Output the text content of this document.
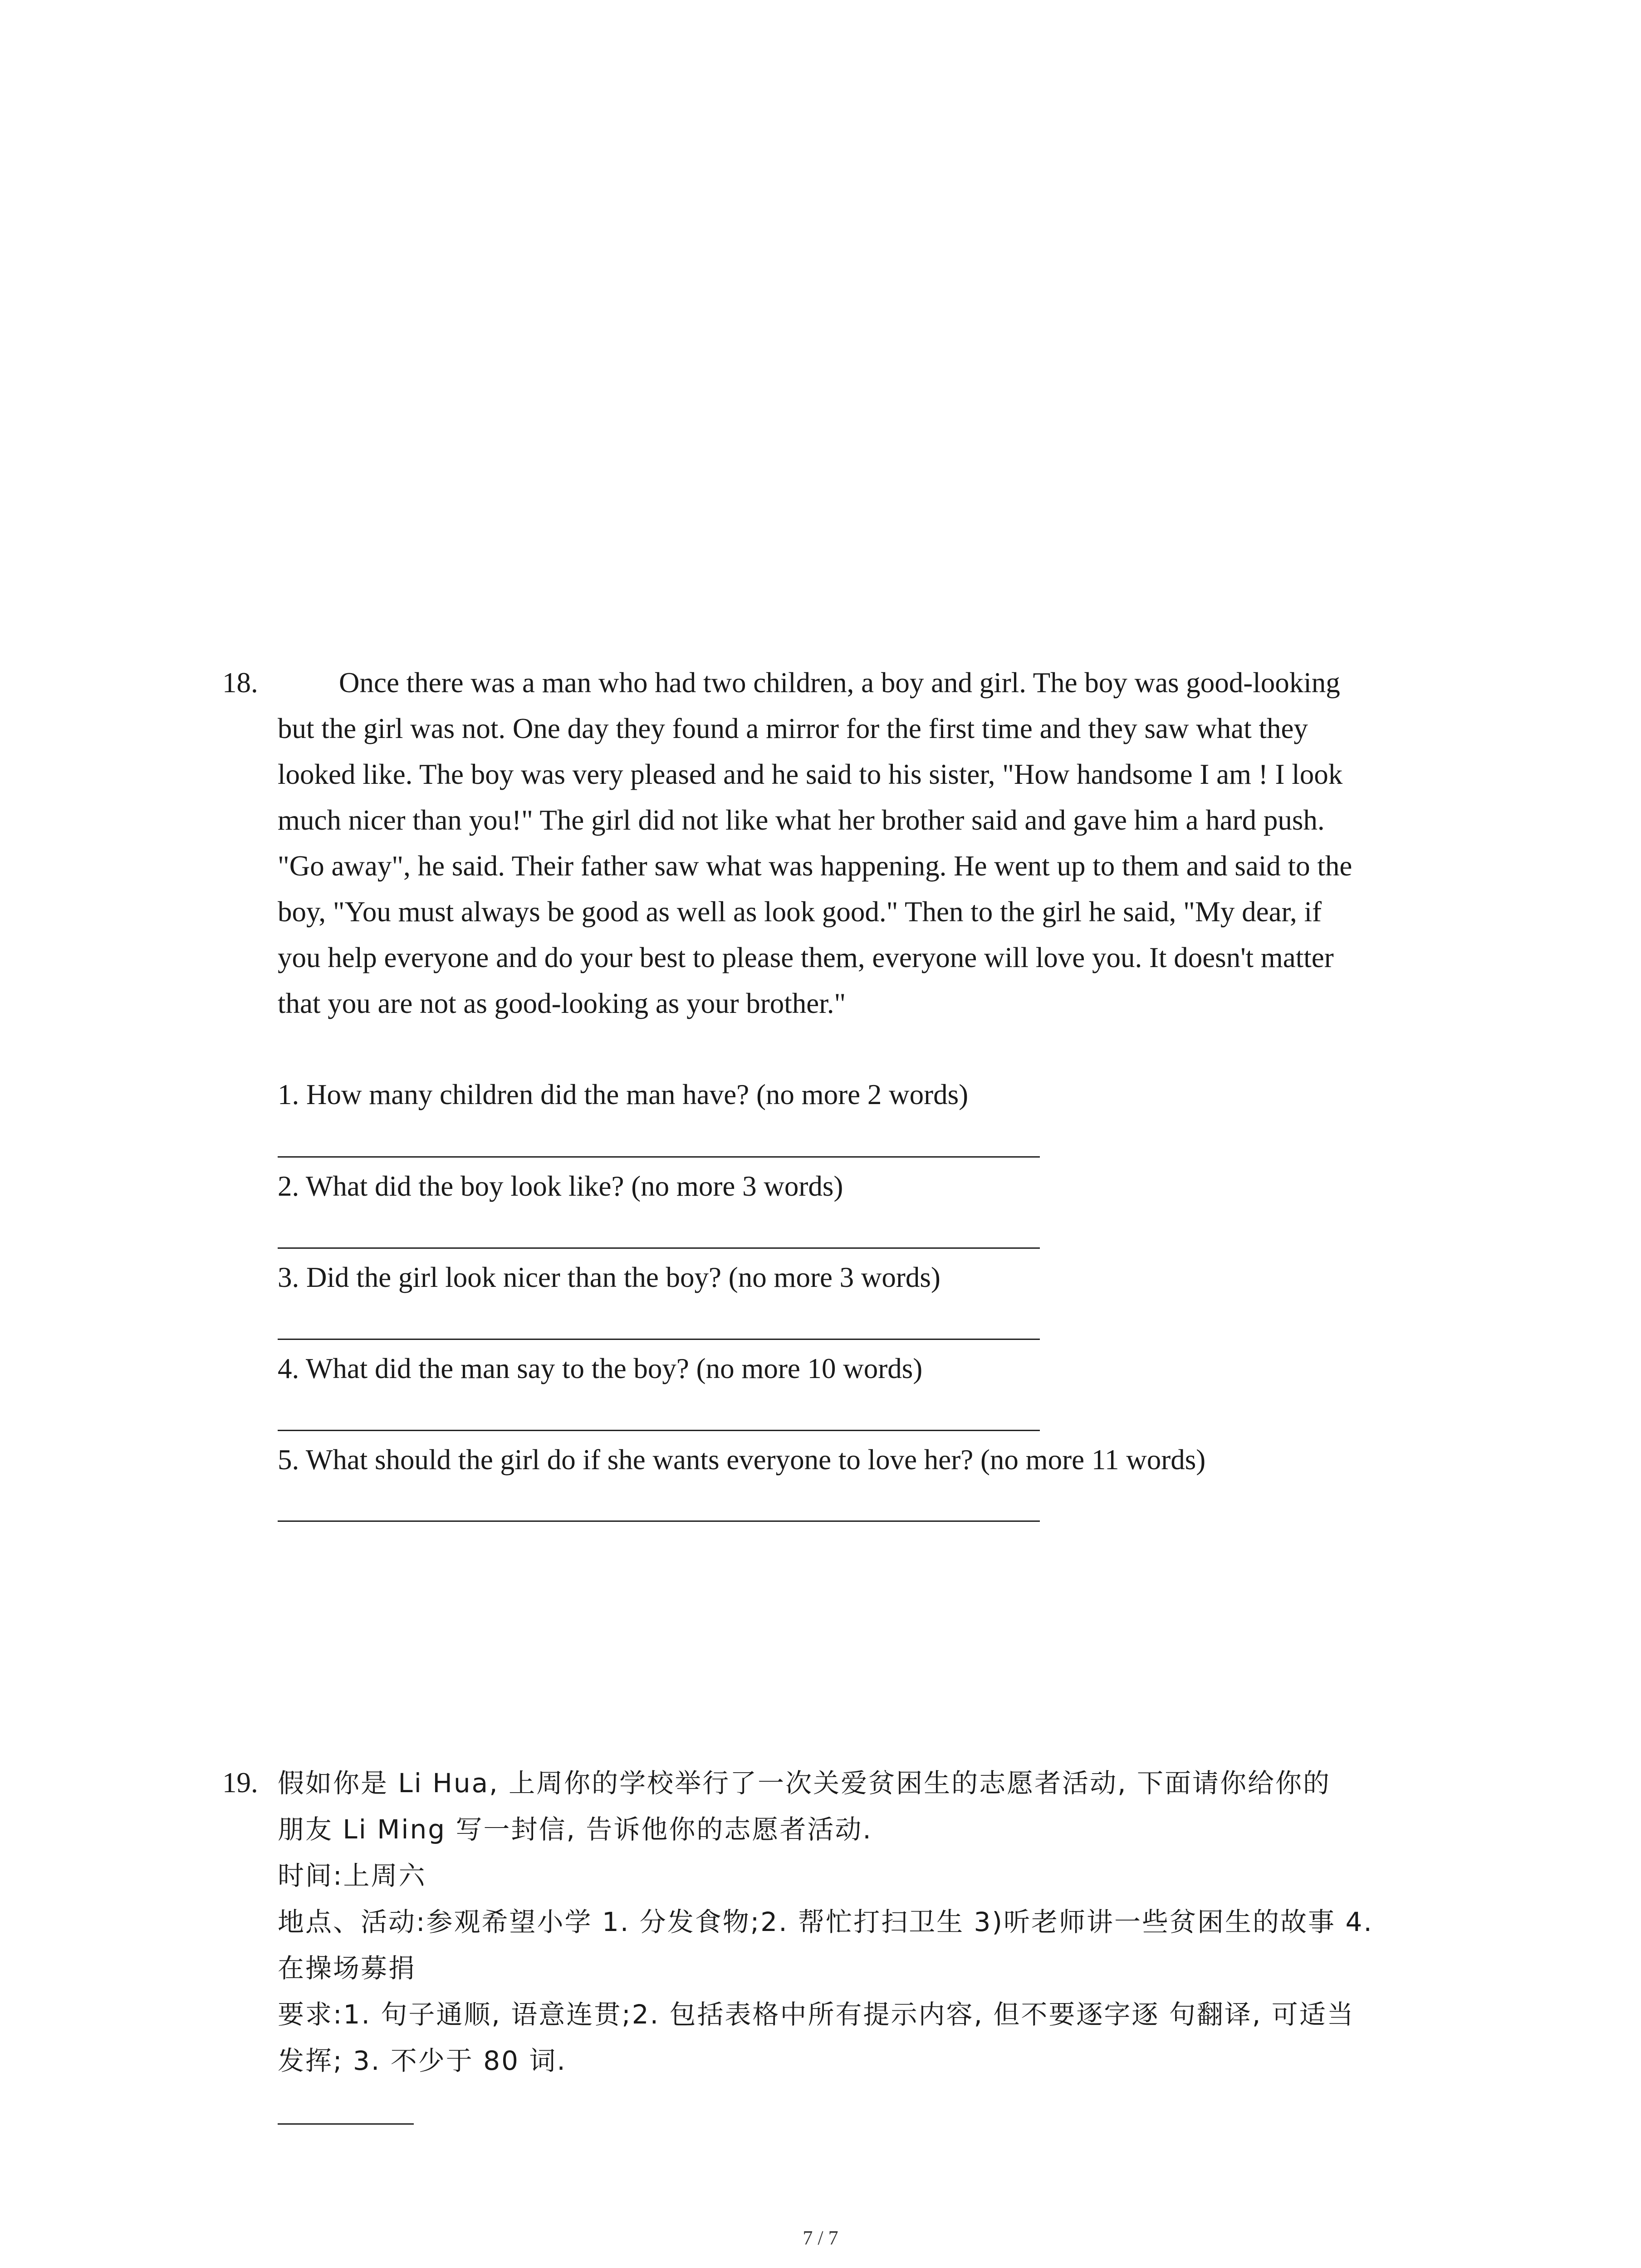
18.	Once there was a man who had two children, a boy and girl. The boy was good-looking
but the girl was not. One day they found a mirror for the first time and they saw what they
looked like. The boy was very pleased and he said to his sister, "How handsome I am ! I look
much nicer than you!" The girl did not like what her brother said and gave him a hard push.
"Go away", he said. Their father saw what was happening. He went up to them and said to the
boy, "You must always be good as well as look good." Then to the girl he said, "My dear, if
you help everyone and do your best to please them, everyone will love you. It doesn't matter
that you are not as good-looking as your brother."
1. How many children did the man have? (no more 2 words)
2. What did the boy look like? (no more 3 words)
3. Did the girl look nicer than the boy? (no more 3 words)
4. What did the man say to the boy? (no more 10 words)
5. What should the girl do if she wants everyone to love her? (no more 11 words)
19. 假如你是 Li Hua, 上周你的学校举行了一次关爱贫困生的志愿者活动, 下面请你给你的
朋友 Li Ming 写一封信, 告诉他你的志愿者活动.
时间:上周六
地点、活动:参观希望小学 1. 分发食物;2. 帮忙打扫卫生 3)听老师讲一些贫困生的故事 4.
在操场募捐
要求:1. 句子通顺, 语意连贯;2. 包括表格中所有提示内容, 但不要逐字逐 句翻译, 可适当
发挥; 3. 不少于 80 词.
7 / 7
